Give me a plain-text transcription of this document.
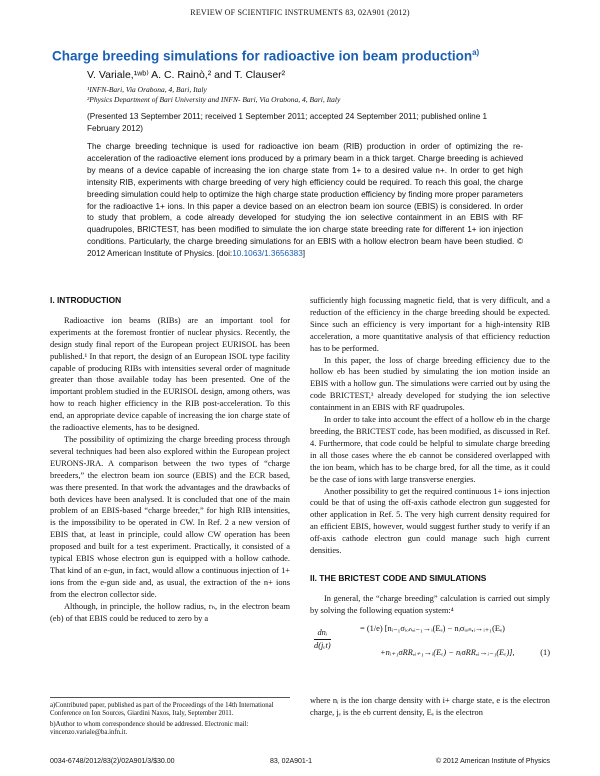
REVIEW OF SCIENTIFIC INSTRUMENTS 83, 02A901 (2012)
Charge breeding simulations for radioactive ion beam production$^{a)}$
V. Variale,¹ʷᵇ⁾ A. C. Rainò,² and T. Clauser²
¹INFN-Bari, Via Orabona, 4, Bari, Italy
²Physics Department of Bari University and INFN- Bari, Via Orabona, 4, Bari, Italy
(Presented 13 September 2011; received 1 September 2011; accepted 24 September 2011; published online 1 February 2012)
The charge breeding technique is used for radioactive ion beam (RIB) production in order of optimizing the re-acceleration of the radioactive element ions produced by a primary beam in a thick target. Charge breeding is achieved by means of a device capable of increasing the ion charge state from 1+ to a desired value n+. In order to get high intensity RIB, experiments with charge breeding of very high efficiency could be required. To reach this goal, the charge breeding simulation could help to optimize the high charge state production efficiency by finding more proper parameters for the radioactive 1+ ions. In this paper a device based on an electron beam ion source (EBIS) is considered. In order to study that problem, a code already developed for studying the ion selective containment in an EBIS with RF quadrupoles, BRICTEST, has been modified to simulate the ion charge state breeding rate for different 1+ ion injection conditions. Particularly, the charge breeding simulations for an EBIS with a hollow electron beam have been studied. © 2012 American Institute of Physics. [doi:10.1063/1.3656383]
I. INTRODUCTION

Radioactive ion beams (RIBs) are an important tool for experiments at the foremost frontier of nuclear physics. Recently, the design study final report of the European project EURISOL has been published.¹ In that report, the design of an European ISOL type facility capable of producing RIBs with intensities several order of magnitude greater than those available today has been presented. One of the important problem studied in the EURISOL design, among others, was how to reach higher efficiency in the RIB post-acceleration. To this end, an appropriate device capable of increasing the ion charge state of the radioactive elements, has to be designed.

The possibility of optimizing the charge breeding process through several techniques had been also explored within the European project EURONS-JRA. A comparison between the two types of “charge breeders,” the electron beam ion source (EBIS) and the ECR based, was there presented. In that work the advantages and the drawbacks of both devices have been analysed. It is concluded that one of the main problem of an EBIS-based “charge breeder,” for high RIB intensities, is the impossibility to be operated in CW. In Ref. 2 a new version of EBIS that, at least in principle, could allow CW operation has been proposed and built for a test experiment. Practically, it consisted of a typical EBIS whose electron gun is equipped with a hollow cathode. That kind of an e-gun, in fact, would allow a continuous injection of 1+ ions from the e-gun side and, as usual, the extraction of the n+ ions from the electron collector side.

Although, in principle, the hollow radius, rₕ, in the electron beam (eb) of that EBIS could be reduced to zero by a

a)Contributed paper, published as part of the Proceedings of the 14th International Conference on Ion Sources, Giardini Naxos, Italy, September 2011.
b)Author to whom correspondence should be addressed. Electronic mail: vincenzo.variale@ba.infn.it.

sufficiently high focussing magnetic field, that is very difficult, and a reduction of the efficiency in the charge breeding should be expected. Since such an efficiency is very important for a high-intensity RIB acceleration, a more quantitative analysis of that efficiency reduction has to be performed.

In this paper, the loss of charge breeding efficiency due to the hollow eb has been studied by simulating the ion motion inside an EBIS with a hollow gun. The simulations were carried out by using the code BRICTEST,³ already developed for studying the ion selective containment in an EBIS with RF quadrupoles.

In order to take into account the effect of a hollow eb in the charge breeding, the BRICTEST code, has been modified, as discussed in Ref. 4. Furthermore, that code could be helpful to simulate charge breeding in all those cases where the eb cannot be considered overlapped with the ion beam, which has to be charge bred, for all the time, as it could be the case of ions with large transverse energies.

Another possibility to get the required continuous 1+ ions injection could be that of using the off-axis cathode electron gun suggested for other application in Ref. 5. The very high current density required for an efficient EBIS, however, would suggest further study to verify if an off-axis cathode electron gun could manage such high current densities.

II. THE BRICTEST CODE AND SIMULATIONS

In general, the “charge breeding” calculation is carried out simply by solving the following equation system:⁴

dnᵢ
d(jₑt)
= (1/e) [nᵢ₋₁σᵢₒₙ,ᵢ₋₁→ᵢ(Eₑ) − nᵢσᵢₒₙ,ᵢ→ᵢ₊₁(Eₑ)
+nᵢ₊₁σRR,ᵢ₊₁→ᵢ(Eₑ) − nᵢσRR,ᵢ→ᵢ₋₁(Eₑ)],	(1)

where nᵢ is the ion charge density with i+ charge state, e is the electron charge, jₑ is the eb current density, Eₑ is the electron

0034-6748/2012/83(2)/02A901/3/$30.00	83, 02A901-1	© 2012 American Institute of Physics
